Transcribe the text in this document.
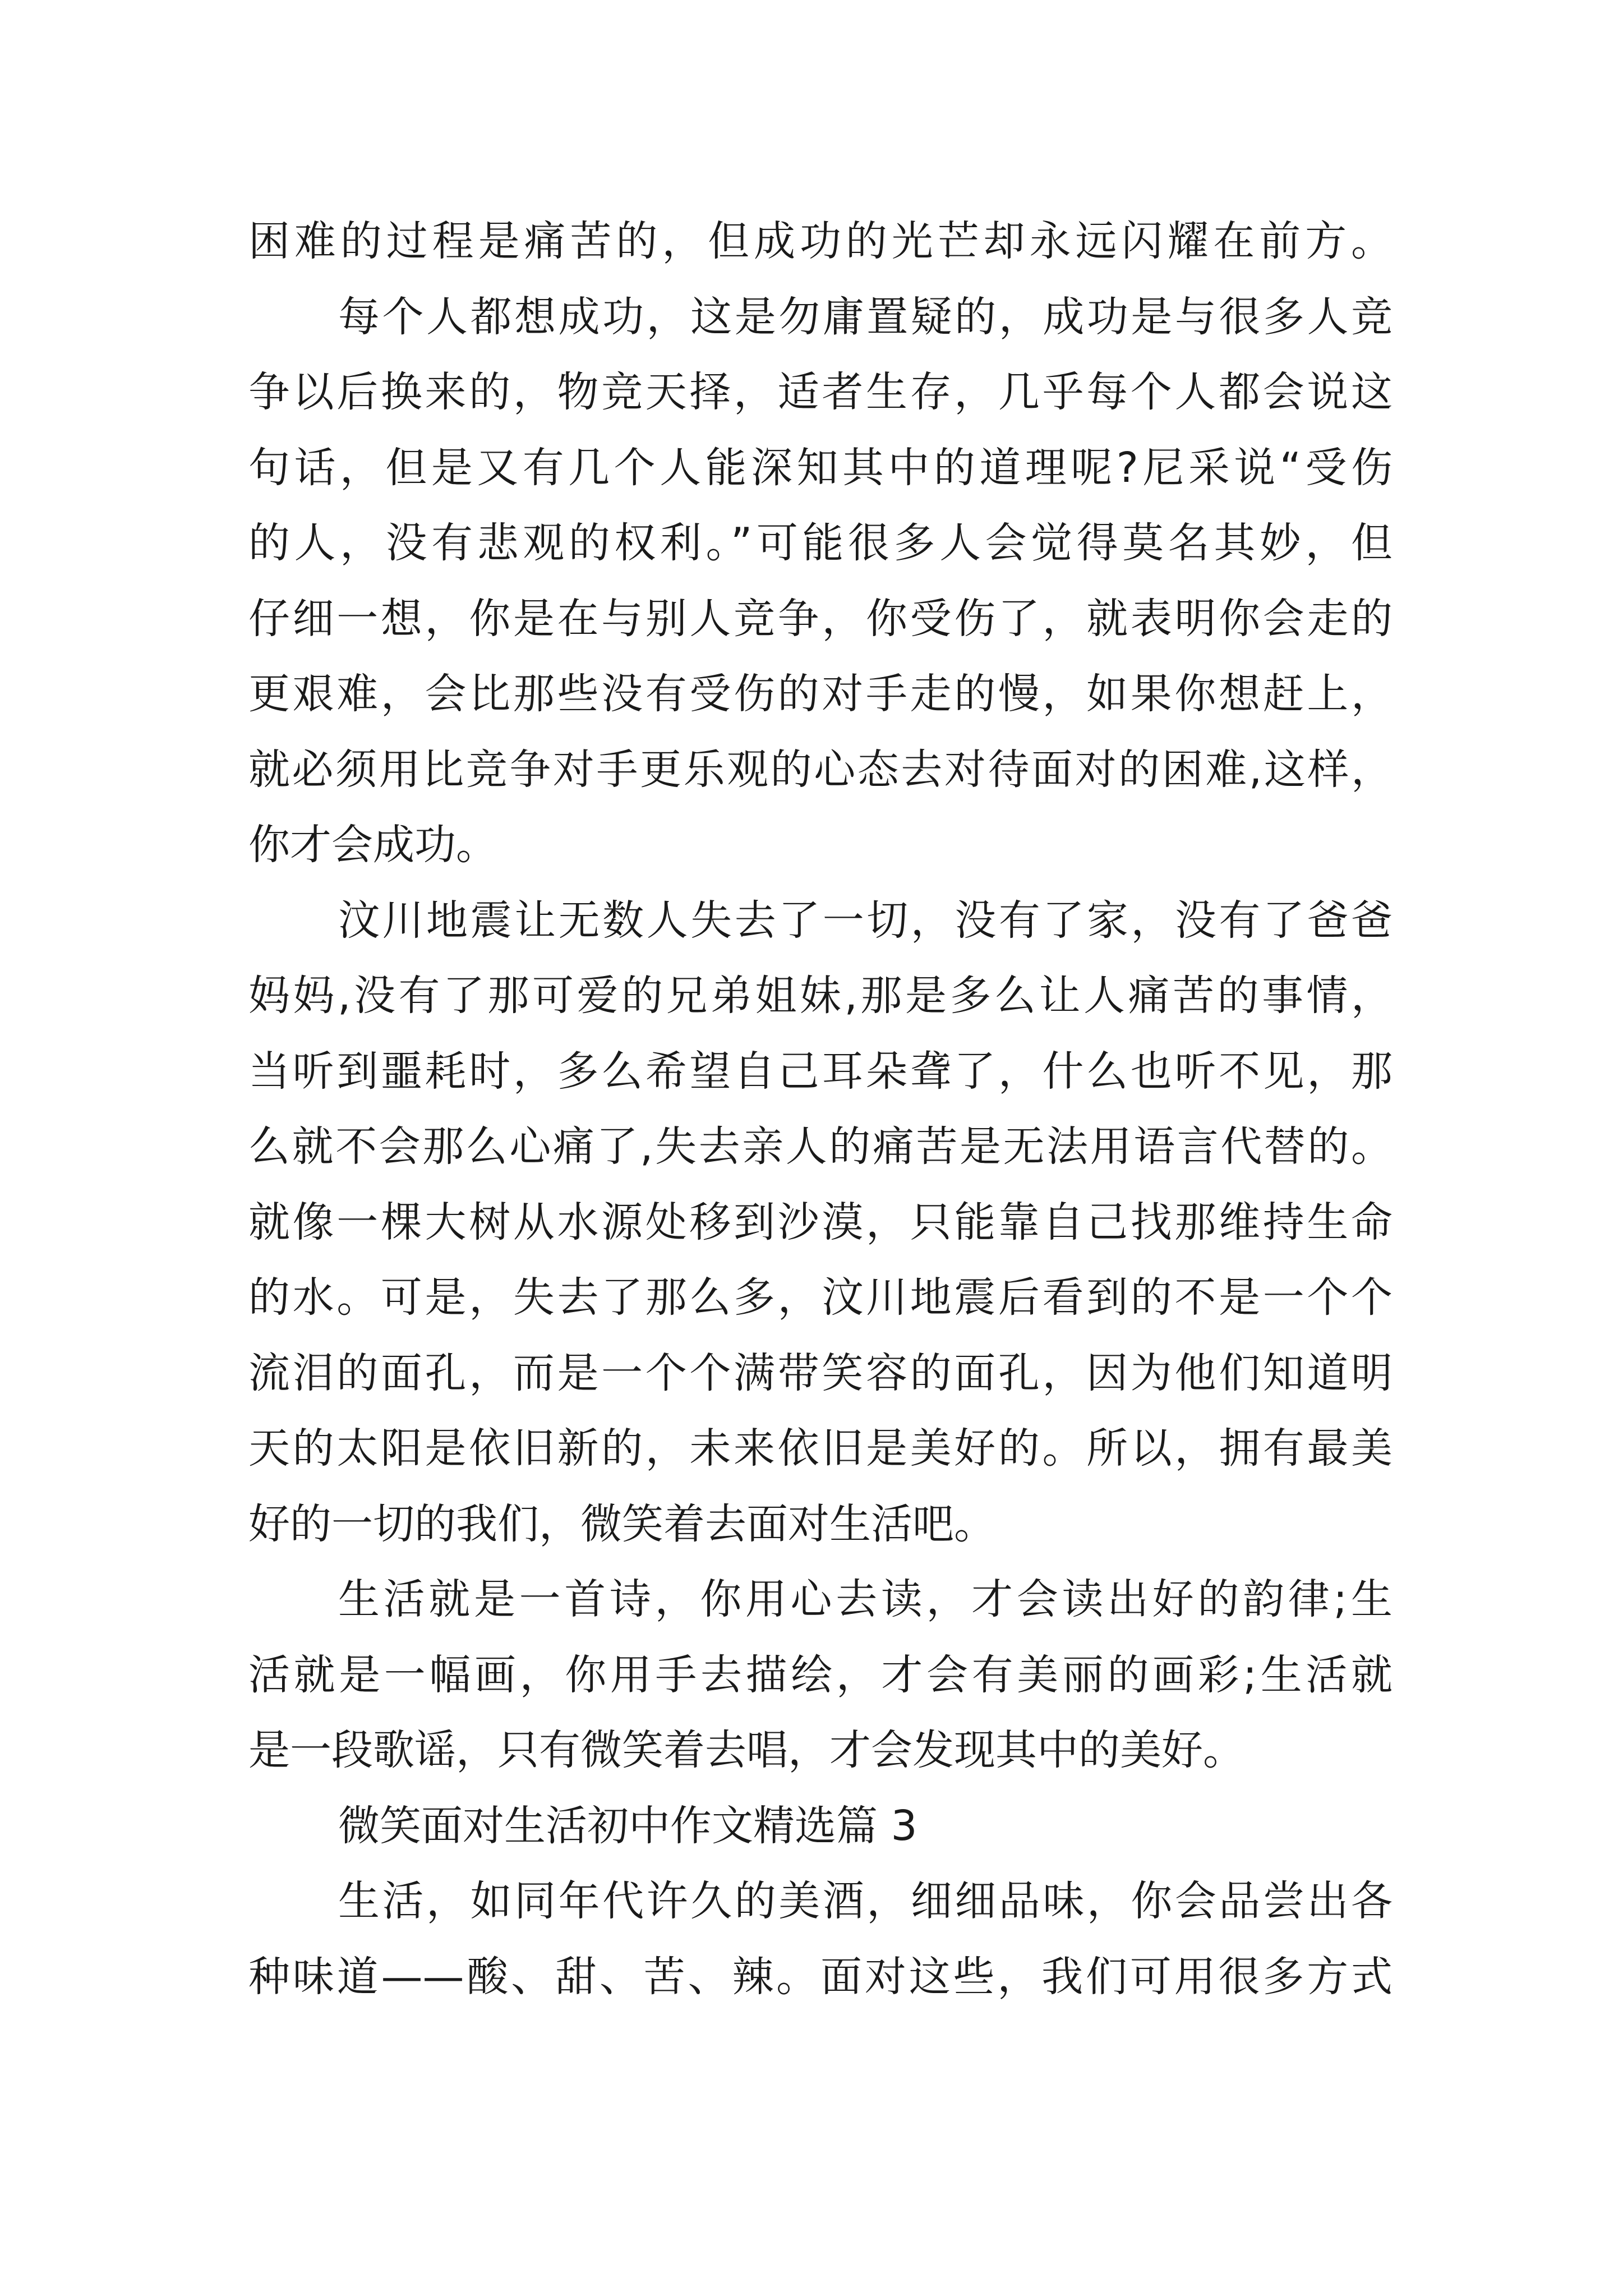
困难的过程是痛苦的，但成功的光芒却永远闪耀在前方。
每个人都想成功，这是勿庸置疑的，成功是与很多人竞
争以后换来的，物竞天择，适者生存，几乎每个人都会说这
句话，但是又有几个人能深知其中的道理呢?尼采说“受伤
的人，没有悲观的权利。”可能很多人会觉得莫名其妙，但
仔细一想，你是在与别人竞争，你受伤了，就表明你会走的
更艰难，会比那些没有受伤的对手走的慢，如果你想赶上，
就必须用比竞争对手更乐观的心态去对待面对的困难,这样，
你才会成功。
汶川地震让无数人失去了一切，没有了家，没有了爸爸
妈妈,没有了那可爱的兄弟姐妹,那是多么让人痛苦的事情，
当听到噩耗时，多么希望自己耳朵聋了，什么也听不见，那
么就不会那么心痛了,失去亲人的痛苦是无法用语言代替的。
就像一棵大树从水源处移到沙漠，只能靠自己找那维持生命
的水。可是，失去了那么多，汶川地震后看到的不是一个个
流泪的面孔，而是一个个满带笑容的面孔，因为他们知道明
天的太阳是依旧新的，未来依旧是美好的。所以，拥有最美
好的一切的我们，微笑着去面对生活吧。
生活就是一首诗，你用心去读，才会读出好的韵律;生
活就是一幅画，你用手去描绘，才会有美丽的画彩;生活就
是一段歌谣，只有微笑着去唱，才会发现其中的美好。
微笑面对生活初中作文精选篇 3
生活，如同年代许久的美酒，细细品味，你会品尝出各
种味道——酸、甜、苦、辣。面对这些，我们可用很多方式
